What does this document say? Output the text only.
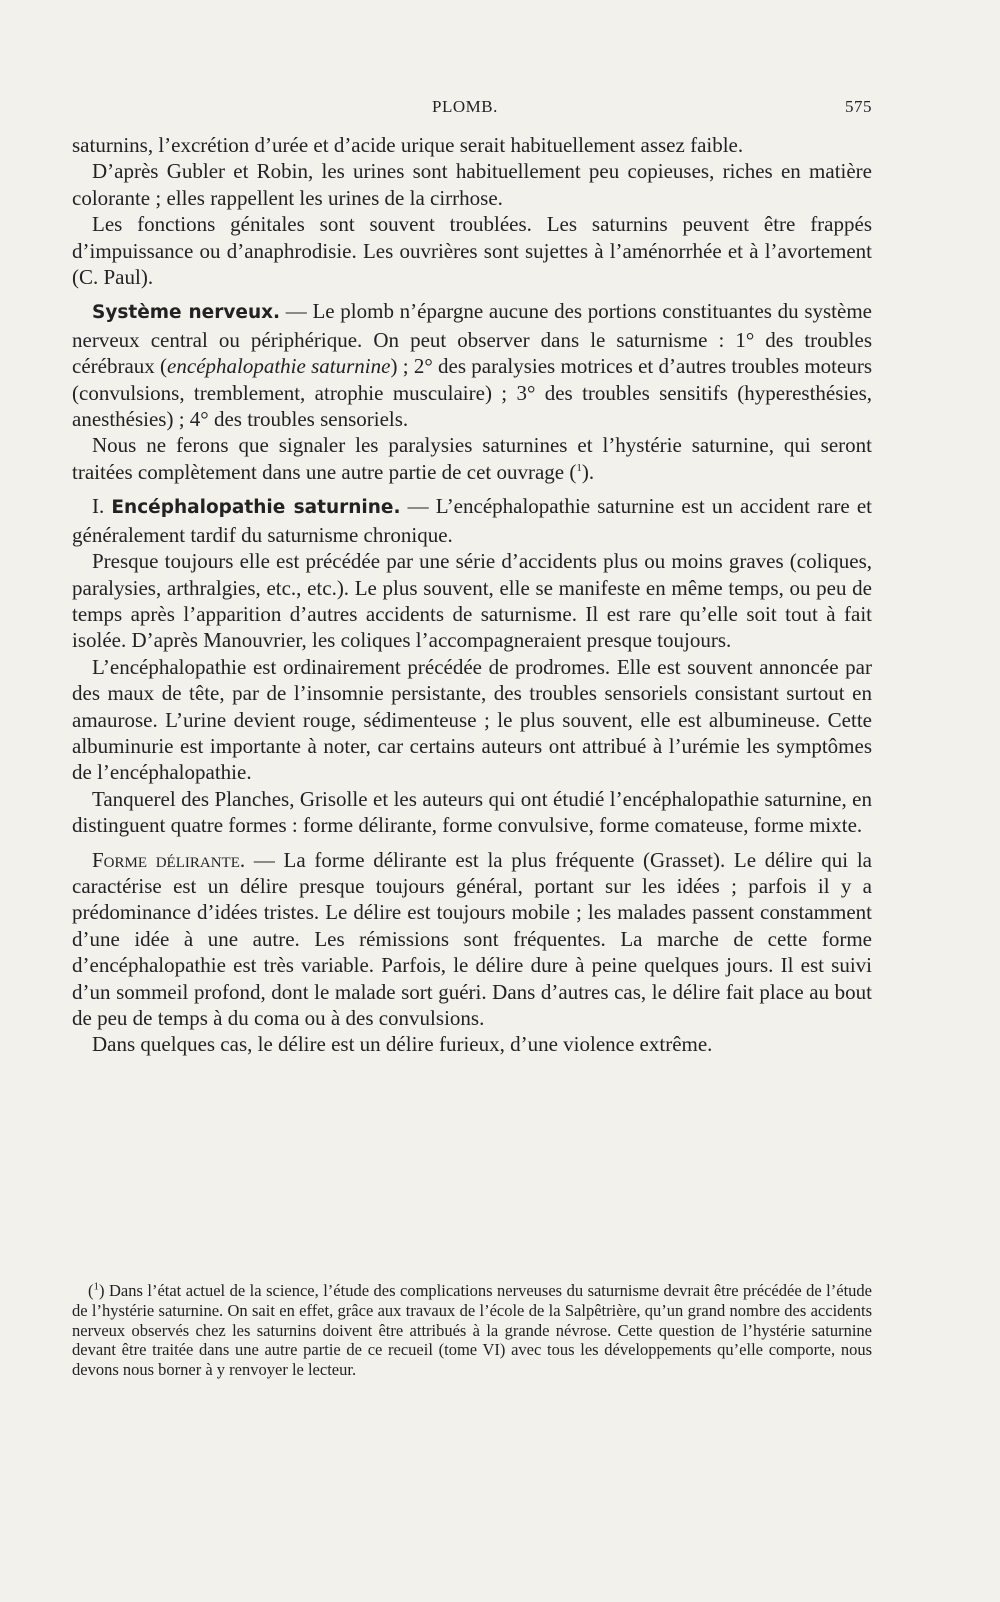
PLOMB.	575

saturnins, l’excrétion d’urée et d’acide urique serait habituellement assez faible.

D’après Gubler et Robin, les urines sont habituellement peu copieuses, riches en matière colorante ; elles rappellent les urines de la cirrhose.

Les fonctions génitales sont souvent troublées. Les saturnins peuvent être frappés d’impuissance ou d’anaphrodisie. Les ouvrières sont sujettes à l’aménorrhée et à l’avortement (C. Paul).

Système nerveux. — Le plomb n’épargne aucune des portions constituantes du système nerveux central ou périphérique. On peut observer dans le saturnisme : 1° des troubles cérébraux (encéphalopathie saturnine) ; 2° des paralysies motrices et d’autres troubles moteurs (convulsions, tremblement, atrophie musculaire) ; 3° des troubles sensitifs (hyperesthésies, anesthésies) ; 4° des troubles sensoriels.

Nous ne ferons que signaler les paralysies saturnines et l’hystérie saturnine, qui seront traitées complètement dans une autre partie de cet ouvrage ($^1$).

I. Encéphalopathie saturnine. — L’encéphalopathie saturnine est un accident rare et généralement tardif du saturnisme chronique.

Presque toujours elle est précédée par une série d’accidents plus ou moins graves (coliques, paralysies, arthralgies, etc., etc.). Le plus souvent, elle se manifeste en même temps, ou peu de temps après l’apparition d’autres accidents de saturnisme. Il est rare qu’elle soit tout à fait isolée. D’après Manouvrier, les coliques l’accompagneraient presque toujours.

L’encéphalopathie est ordinairement précédée de prodromes. Elle est souvent annoncée par des maux de tête, par de l’insomnie persistante, des troubles sensoriels consistant surtout en amaurose. L’urine devient rouge, sédimenteuse ; le plus souvent, elle est albumineuse. Cette albuminurie est importante à noter, car certains auteurs ont attribué à l’urémie les symptômes de l’encéphalopathie.

Tanquerel des Planches, Grisolle et les auteurs qui ont étudié l’encéphalopathie saturnine, en distinguent quatre formes : forme délirante, forme convulsive, forme comateuse, forme mixte.

Forme délirante. — La forme délirante est la plus fréquente (Grasset). Le délire qui la caractérise est un délire presque toujours général, portant sur les idées ; parfois il y a prédominance d’idées tristes. Le délire est toujours mobile ; les malades passent constamment d’une idée à une autre. Les rémissions sont fréquentes. La marche de cette forme d’encéphalopathie est très variable. Parfois, le délire dure à peine quelques jours. Il est suivi d’un sommeil profond, dont le malade sort guéri. Dans d’autres cas, le délire fait place au bout de peu de temps à du coma ou à des convulsions.

Dans quelques cas, le délire est un délire furieux, d’une violence extrême.

($^1$) Dans l’état actuel de la science, l’étude des complications nerveuses du saturnisme devrait être précédée de l’étude de l’hystérie saturnine. On sait en effet, grâce aux travaux de l’école de la Salpêtrière, qu’un grand nombre des accidents nerveux observés chez les saturnins doivent être attribués à la grande névrose. Cette question de l’hystérie saturnine devant être traitée dans une autre partie de ce recueil (tome VI) avec tous les développements qu’elle comporte, nous devons nous borner à y renvoyer le lecteur.
